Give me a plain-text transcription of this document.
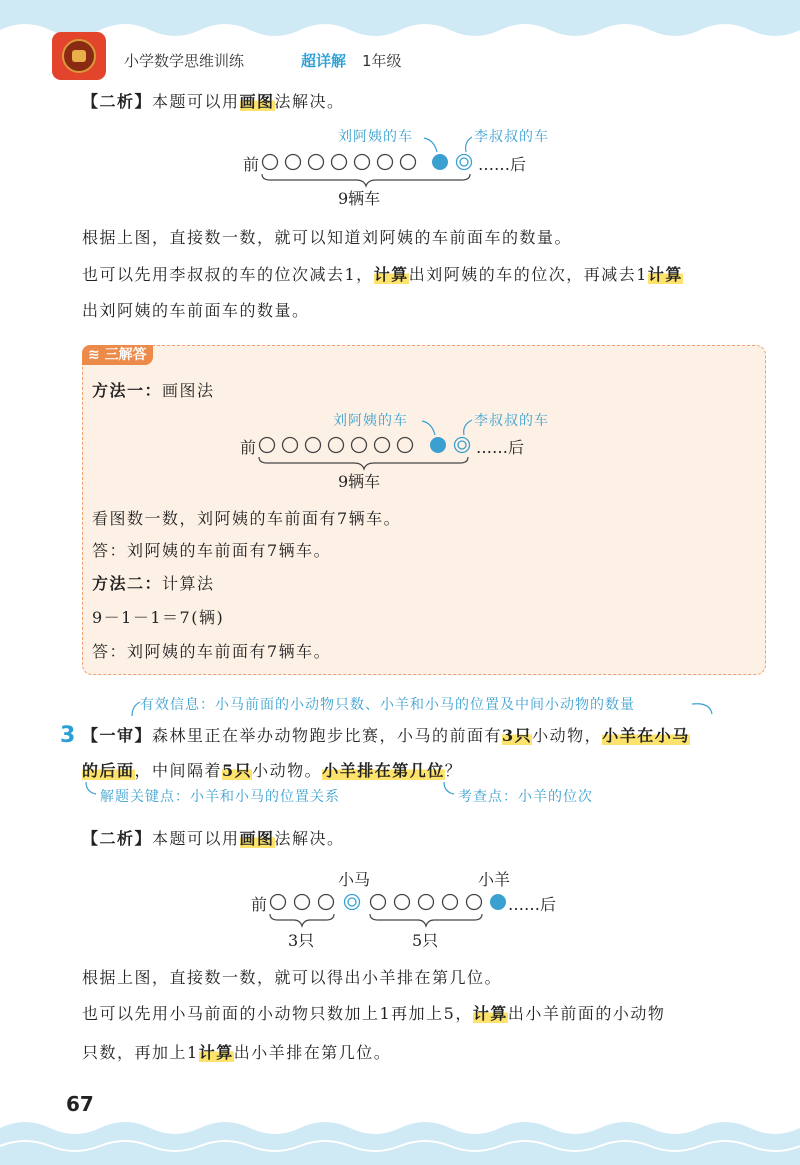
小学数学思维训练	超详解 1年级
【二析】本题可以用画图法解决。
刘阿姨的车	李叔叔的车
前	……后
9辆车
根据上图，直接数一数，就可以知道刘阿姨的车前面车的数量。
也可以先用李叔叔的车的位次减去1，计算出刘阿姨的车的位次，再减去1计算
出刘阿姨的车前面车的数量。
≋ 三解答
方法一：画图法
刘阿姨的车	李叔叔的车
前	……后
9辆车
看图数一数，刘阿姨的车前面有7辆车。
答：刘阿姨的车前面有7辆车。
方法二：计算法
9－1－1＝7(辆)
答：刘阿姨的车前面有7辆车。
有效信息：小马前面的小动物只数、小羊和小马的位置及中间小动物的数量
3 【一审】森林里正在举办动物跑步比赛，小马的前面有3只小动物，小羊在小马
的后面，中间隔着5只小动物。小羊排在第几位？
解题关键点：小羊和小马的位置关系	考查点：小羊的位次
【二析】本题可以用画图法解决。
小马	小羊
前	……后
3只	5只
根据上图，直接数一数，就可以得出小羊排在第几位。
也可以先用小马前面的小动物只数加上1再加上5，计算出小羊前面的小动物
只数，再加上1计算出小羊排在第几位。
67
